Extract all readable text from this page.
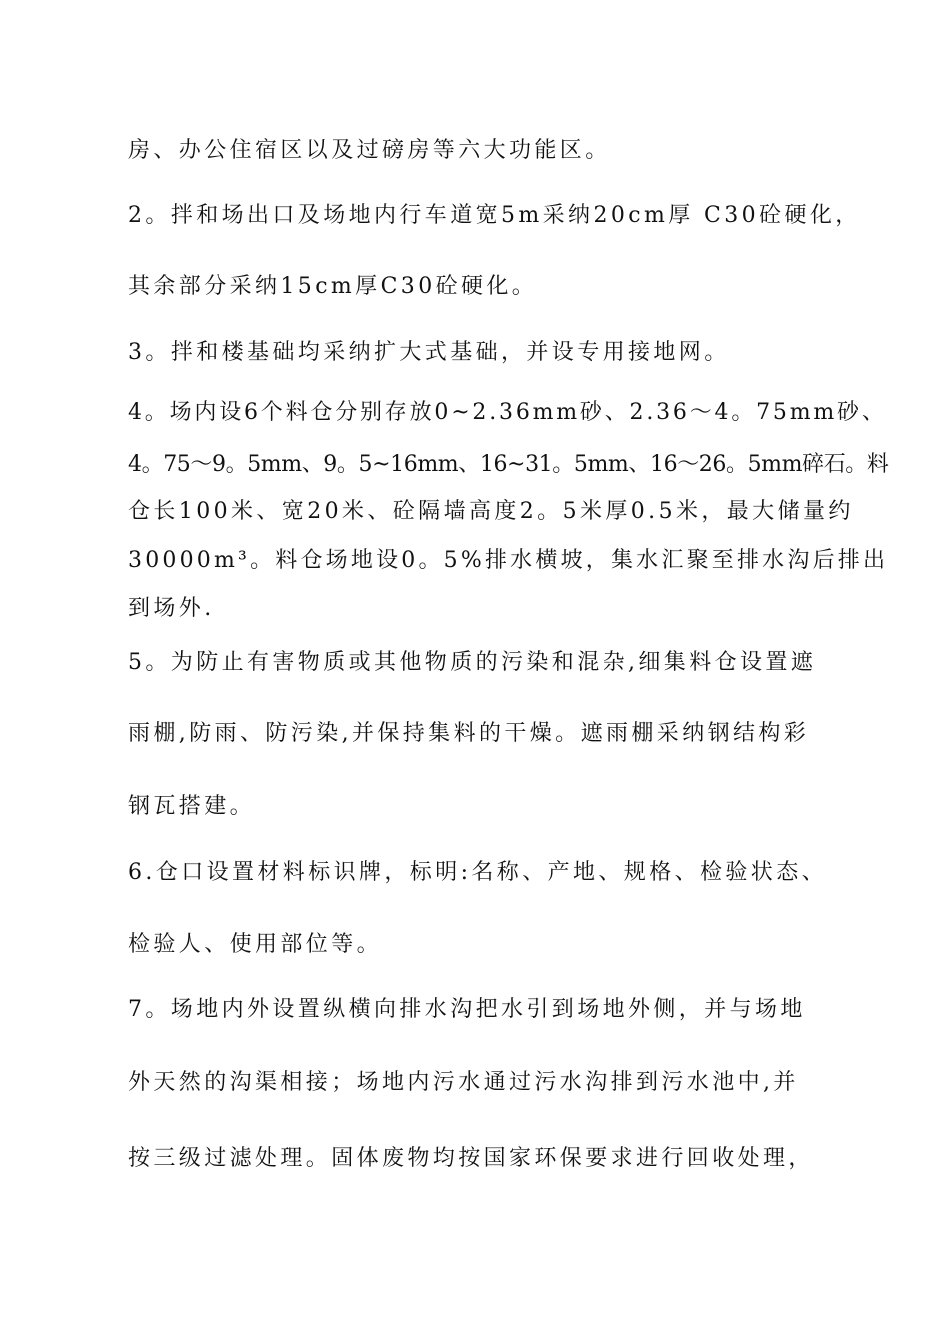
房、办公住宿区以及过磅房等六大功能区。
2。拌和场出口及场地内行车道宽5m采纳20cm厚 C30砼硬化，
其余部分采纳15cm厚C30砼硬化。
3。拌和楼基础均采纳扩大式基础，并设专用接地网。
4。场内设6个料仓分别存放0~2.36mm砂、2.36～4。75mm砂、
4。75～9。5mm、9。5~16mm、16~31。5mm、16～26。5mm碎石。料
仓长100米、宽20米、砼隔墙高度2。5米厚0.5米，最大储量约
30000m³。料仓场地设0。5%排水横坡，集水汇聚至排水沟后排出
到场外.
5。为防止有害物质或其他物质的污染和混杂,细集料仓设置遮
雨棚,防雨、防污染,并保持集料的干燥。遮雨棚采纳钢结构彩
钢瓦搭建。
6.仓口设置材料标识牌，标明:名称、产地、规格、检验状态、
检验人、使用部位等。
7。场地内外设置纵横向排水沟把水引到场地外侧，并与场地
外天然的沟渠相接；场地内污水通过污水沟排到污水池中,并
按三级过滤处理。固体废物均按国家环保要求进行回收处理，
